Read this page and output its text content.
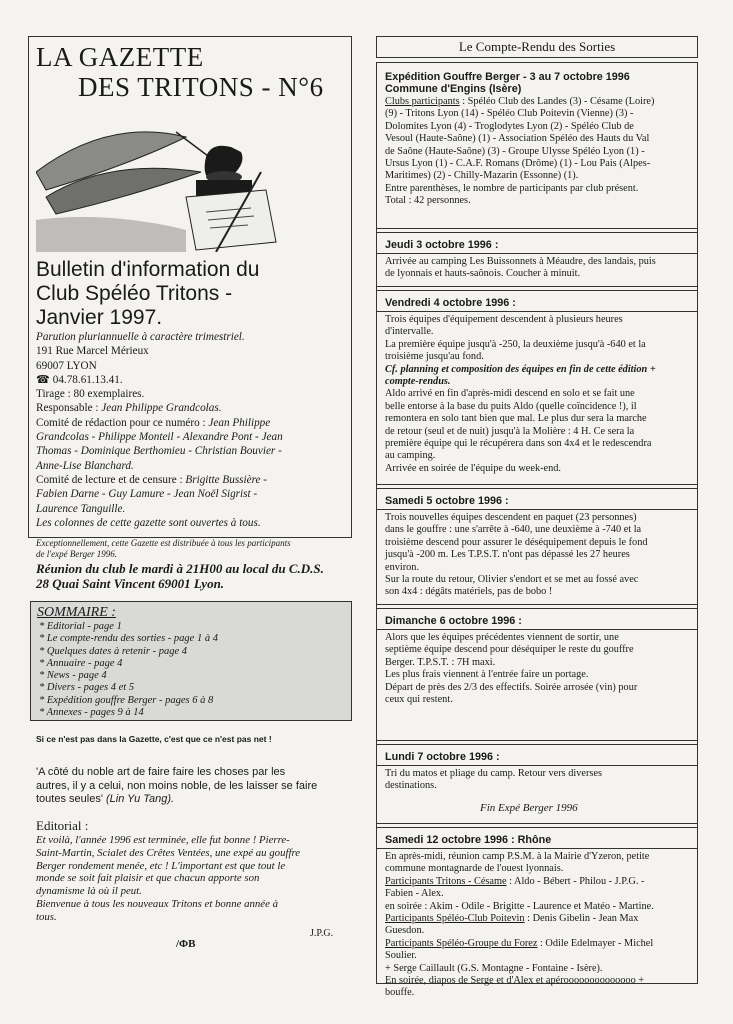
LA GAZETTE
DES TRITONS - N°6
Bulletin d'information du
Club Spéléo Tritons -
Janvier 1997.
Parution pluriannuelle à caractère trimestriel.
191 Rue Marcel Mérieux
69007 LYON
☎ 04.78.61.13.41.
Tirage : 80 exemplaires.
Responsable : Jean Philippe Grandcolas.
Comité de rédaction pour ce numéro : Jean Philippe
Grandcolas - Philippe Monteil - Alexandre Pont - Jean
Thomas - Dominique Berthomieu - Christian Bouvier -
Anne-Lise Blanchard.
Comité de lecture et de censure : Brigitte Bussière -
Fabien Darne - Guy Lamure - Jean Noël Sigrist -
Laurence Tanguille.
Les colonnes de cette gazette sont ouvertes à tous.
Exceptionnellement, cette Gazette est distribuée à tous les participants
de l'expé Berger 1996.
Réunion du club le mardi à 21H00 au local du C.D.S.
28 Quai Saint Vincent 69001 Lyon.
SOMMAIRE :
* Editorial - page 1
* Le compte-rendu des sorties - page 1 à 4
* Quelques dates à retenir - page 4
* Annuaire - page 4
* News - page 4
* Divers - pages 4 et 5
* Expédition gouffre Berger - pages 6 à 8
* Annexes - pages 9 à 14
Si ce n'est pas dans la Gazette, c'est que ce n'est pas net !
'A côté du noble art de faire faire les choses par les
autres, il y a celui, non moins noble, de les laisser se faire
toutes seules' (Lin Yu Tang).
Editorial :
Et voilà, l'année 1996 est terminée, elle fut bonne ! Pierre-
Saint-Martin, Scialet des Crêtes Ventées, une expé au gouffre
Berger rondement menée, etc ! L'important est que tout le
monde se soit fait plaisir et que chacun apporte son
dynamisme là où il peut.
Bienvenue à tous les nouveaux Tritons et bonne année à
tous.
J.P.G.
/ΦB
Le Compte-Rendu des Sorties
Expédition Gouffre Berger - 3 au 7 octobre 1996
Commune d'Engins (Isère)
Clubs participants : Spéléo Club des Landes (3) - Césame (Loire)
(9) - Tritons Lyon (14) - Spéléo Club Poitevin (Vienne) (3) -
Dolomites Lyon (4) - Troglodytes Lyon (2) - Spéléo Club de
Vesoul (Haute-Saône) (1) - Association Spéléo des Hauts du Val
de Saône (Haute-Saône) (3) - Groupe Ulysse Spéléo Lyon (1) -
Ursus Lyon (1) - C.A.F. Romans (Drôme) (1) - Lou Pais (Alpes-
Maritimes) (2) - Chilly-Mazarin (Essonne) (1).
Entre parenthèses, le nombre de participants par club présent.
Total : 42 personnes.
Jeudi 3 octobre 1996 :
Arrivée au camping Les Buissonnets à Méaudre, des landais, puis
de lyonnais et hauts-saônois. Coucher à minuit.
Vendredi 4 octobre 1996 :
Trois équipes d'équipement descendent à plusieurs heures
d'intervalle.
La première équipe jusqu'à -250, la deuxième jusqu'à -640 et la
troisième jusqu'au fond.
Cf. planning et composition des équipes en fin de cette édition +
compte-rendus.
Aldo arrivé en fin d'après-midi descend en solo et se fait une
belle entorse à la base du puits Aldo (quelle coïncidence !), il
remontera en solo tant bien que mal. Le plus dur sera la marche
de retour (seul et de nuit) jusqu'à la Molière : 4 H. Ce sera la
première équipe qui le récupérera dans son 4x4 et le redescendra
au camping.
Arrivée en soirée de l'équipe du week-end.
Samedi 5 octobre 1996 :
Trois nouvelles équipes descendent en paquet (23 personnes)
dans le gouffre : une s'arrête à -640, une deuxième à -740 et la
troisième descend pour assurer le déséquipement depuis le fond
jusqu'à -200 m. Les T.P.S.T. n'ont pas dépassé les 27 heures
environ.
Sur la route du retour, Olivier s'endort et se met au fossé avec
son 4x4 : dégâts matériels, pas de bobo !
Dimanche 6 octobre 1996 :
Alors que les équipes précédentes viennent de sortir, une
septième équipe descend pour déséquiper le reste du gouffre
Berger. T.P.S.T. : 7H maxi.
Les plus frais viennent à l'entrée faire un portage.
Départ de près des 2/3 des effectifs. Soirée arrosée (vin) pour
ceux qui restent.
Lundi 7 octobre 1996 :
Tri du matos et pliage du camp. Retour vers diverses
destinations.
Fin Expé Berger 1996
Samedi 12 octobre 1996 : Rhône
En après-midi, réunion camp P.S.M. à la Mairie d'Yzeron, petite
commune montagnarde de l'ouest lyonnais.
Participants Tritons - Césame : Aldo - Bébert - Philou - J.P.G. -
Fabien - Alex.
en soirée : Akim - Odile - Brigitte - Laurence et Matéo - Martine.
Participants Spéléo-Club Poitevin : Denis Gibelin - Jean Max
Guesdon.
Participants Spéléo-Groupe du Forez : Odile Edelmayer - Michel
Soulier.
+ Serge Caillault (G.S. Montagne - Fontaine - Isère).
En soirée, diapos de Serge et d'Alex et apéroooooooooooooo +
bouffe.
